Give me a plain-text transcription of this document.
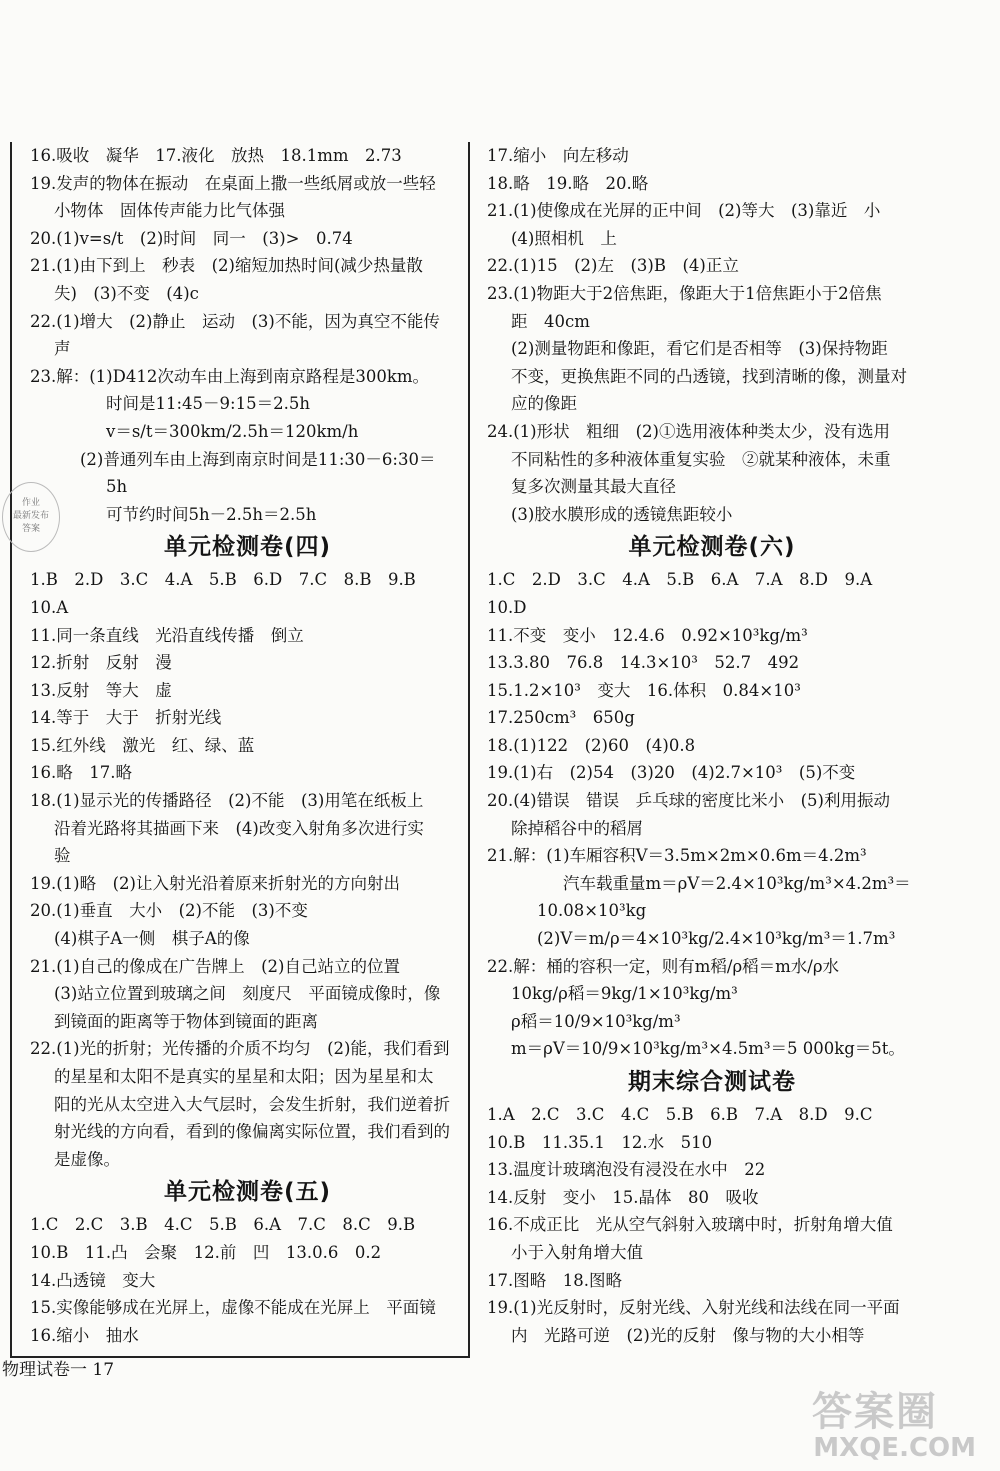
16.吸收　凝华　17.液化　放热　18.1mm　2.73
19.发声的物体在振动　在桌面上撒一些纸屑或放一些轻
小物体　固体传声能力比气体强
20.(1)v=s/t　(2)时间　同一　(3)>　0.74
21.(1)由下到上　秒表　(2)缩短加热时间(减少热量散
失)　(3)不变　(4)c
22.(1)增大　(2)静止　运动　(3)不能，因为真空不能传
声
23.解：(1)D412次动车由上海到南京路程是300km。
时间是11:45－9:15＝2.5h
v＝s/t＝300km/2.5h＝120km/h
(2)普通列车由上海到南京时间是11:30－6:30＝
5h
可节约时间5h－2.5h＝2.5h
单元检测卷(四)
1.B　2.D　3.C　4.A　5.B　6.D　7.C　8.B　9.B
10.A
11.同一条直线　光沿直线传播　倒立
12.折射　反射　漫
13.反射　等大　虚
14.等于　大于　折射光线
15.红外线　激光　红、绿、蓝
16.略　17.略
18.(1)显示光的传播路径　(2)不能　(3)用笔在纸板上
沿着光路将其描画下来　(4)改变入射角多次进行实
验
19.(1)略　(2)让入射光沿着原来折射光的方向射出
20.(1)垂直　大小　(2)不能　(3)不变
(4)棋子A一侧　棋子A的像
21.(1)自己的像成在广告牌上　(2)自己站立的位置
(3)站立位置到玻璃之间　刻度尺　平面镜成像时，像
到镜面的距离等于物体到镜面的距离
22.(1)光的折射；光传播的介质不均匀　(2)能，我们看到
的星星和太阳不是真实的星星和太阳；因为星星和太
阳的光从太空进入大气层时，会发生折射，我们逆着折
射光线的方向看，看到的像偏离实际位置，我们看到的
是虚像。
单元检测卷(五)
1.C　2.C　3.B　4.C　5.B　6.A　7.C　8.C　9.B
10.B　11.凸　会聚　12.前　凹　13.0.6　0.2
14.凸透镜　变大
15.实像能够成在光屏上，虚像不能成在光屏上　平面镜
16.缩小　抽水
17.缩小　向左移动
18.略　19.略　20.略
21.(1)使像成在光屏的正中间　(2)等大　(3)靠近　小
(4)照相机　上
22.(1)15　(2)左　(3)B　(4)正立
23.(1)物距大于2倍焦距，像距大于1倍焦距小于2倍焦
距　40cm
(2)测量物距和像距，看它们是否相等　(3)保持物距
不变，更换焦距不同的凸透镜，找到清晰的像，测量对
应的像距
24.(1)形状　粗细　(2)①选用液体种类太少，没有选用
不同粘性的多种液体重复实验　②就某种液体，未重
复多次测量其最大直径
(3)胶水膜形成的透镜焦距较小
单元检测卷(六)
1.C　2.D　3.C　4.A　5.B　6.A　7.A　8.D　9.A
10.D
11.不变　变小　12.4.6　0.92×10³kg/m³
13.3.80　76.8　14.3×10³　52.7　492
15.1.2×10³　变大　16.体积　0.84×10³
17.250cm³　650g
18.(1)122　(2)60　(4)0.8
19.(1)右　(2)54　(3)20　(4)2.7×10³　(5)不变
20.(4)错误　错误　乒乓球的密度比米小　(5)利用振动
除掉稻谷中的稻屑
21.解：(1)车厢容积V＝3.5m×2m×0.6m＝4.2m³
汽车载重量m＝ρV＝2.4×10³kg/m³×4.2m³＝
10.08×10³kg
(2)V＝m/ρ＝4×10³kg/2.4×10³kg/m³＝1.7m³
22.解：桶的容积一定，则有m稻/ρ稻＝m水/ρ水
10kg/ρ稻＝9kg/1×10³kg/m³
ρ稻＝10/9×10³kg/m³
m＝ρV＝10/9×10³kg/m³×4.5m³＝5 000kg＝5t。
期末综合测试卷
1.A　2.C　3.C　4.C　5.B　6.B　7.A　8.D　9.C
10.B　11.35.1　12.水　510
13.温度计玻璃泡没有浸没在水中　22
14.反射　变小　15.晶体　80　吸收
16.不成正比　光从空气斜射入玻璃中时，折射角增大值
小于入射角增大值
17.图略　18.图略
19.(1)光反射时，反射光线、入射光线和法线在同一平面
内　光路可逆　(2)光的反射　像与物的大小相等
作业
最新发布
答案
物理试卷一 17
答案圈
MXQE.COM
